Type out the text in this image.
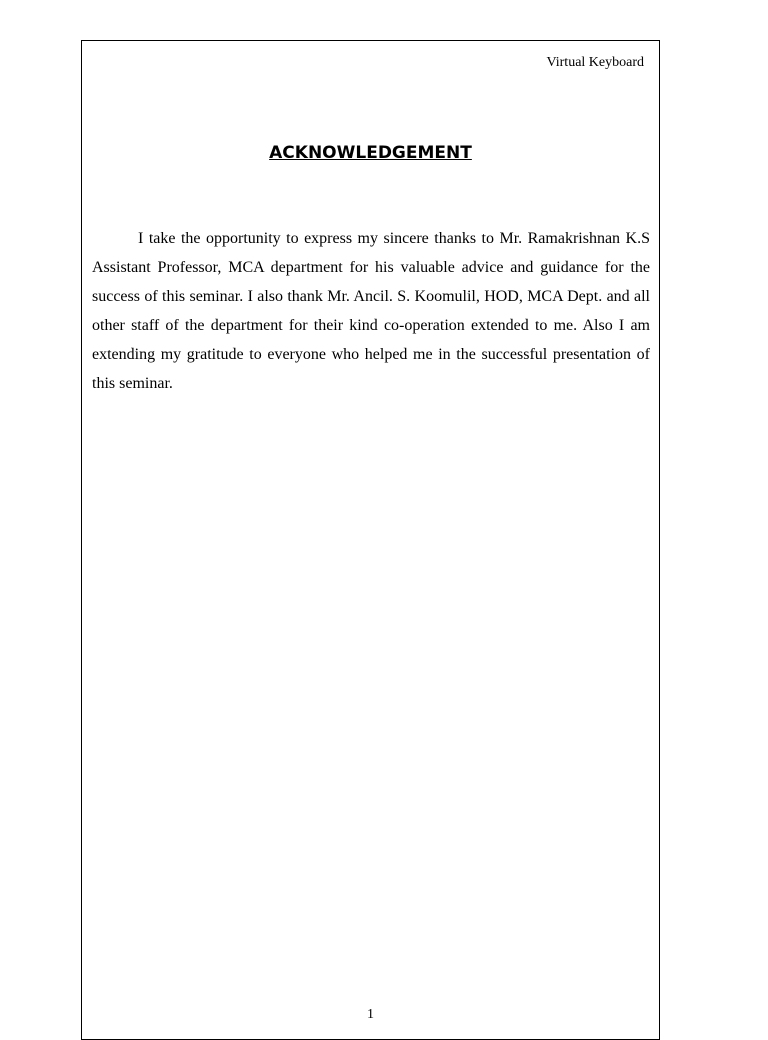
Virtual Keyboard
ACKNOWLEDGEMENT

I take the opportunity to express my sincere thanks to Mr. Ramakrishnan K.S Assistant Professor, MCA department for his valuable advice and guidance for the success of this seminar. I also thank Mr. Ancil. S. Koomulil, HOD, MCA Dept. and all other staff of the department for their kind co-operation extended to me. Also I am extending my gratitude to everyone who helped me in the successful presentation of this seminar.

1
